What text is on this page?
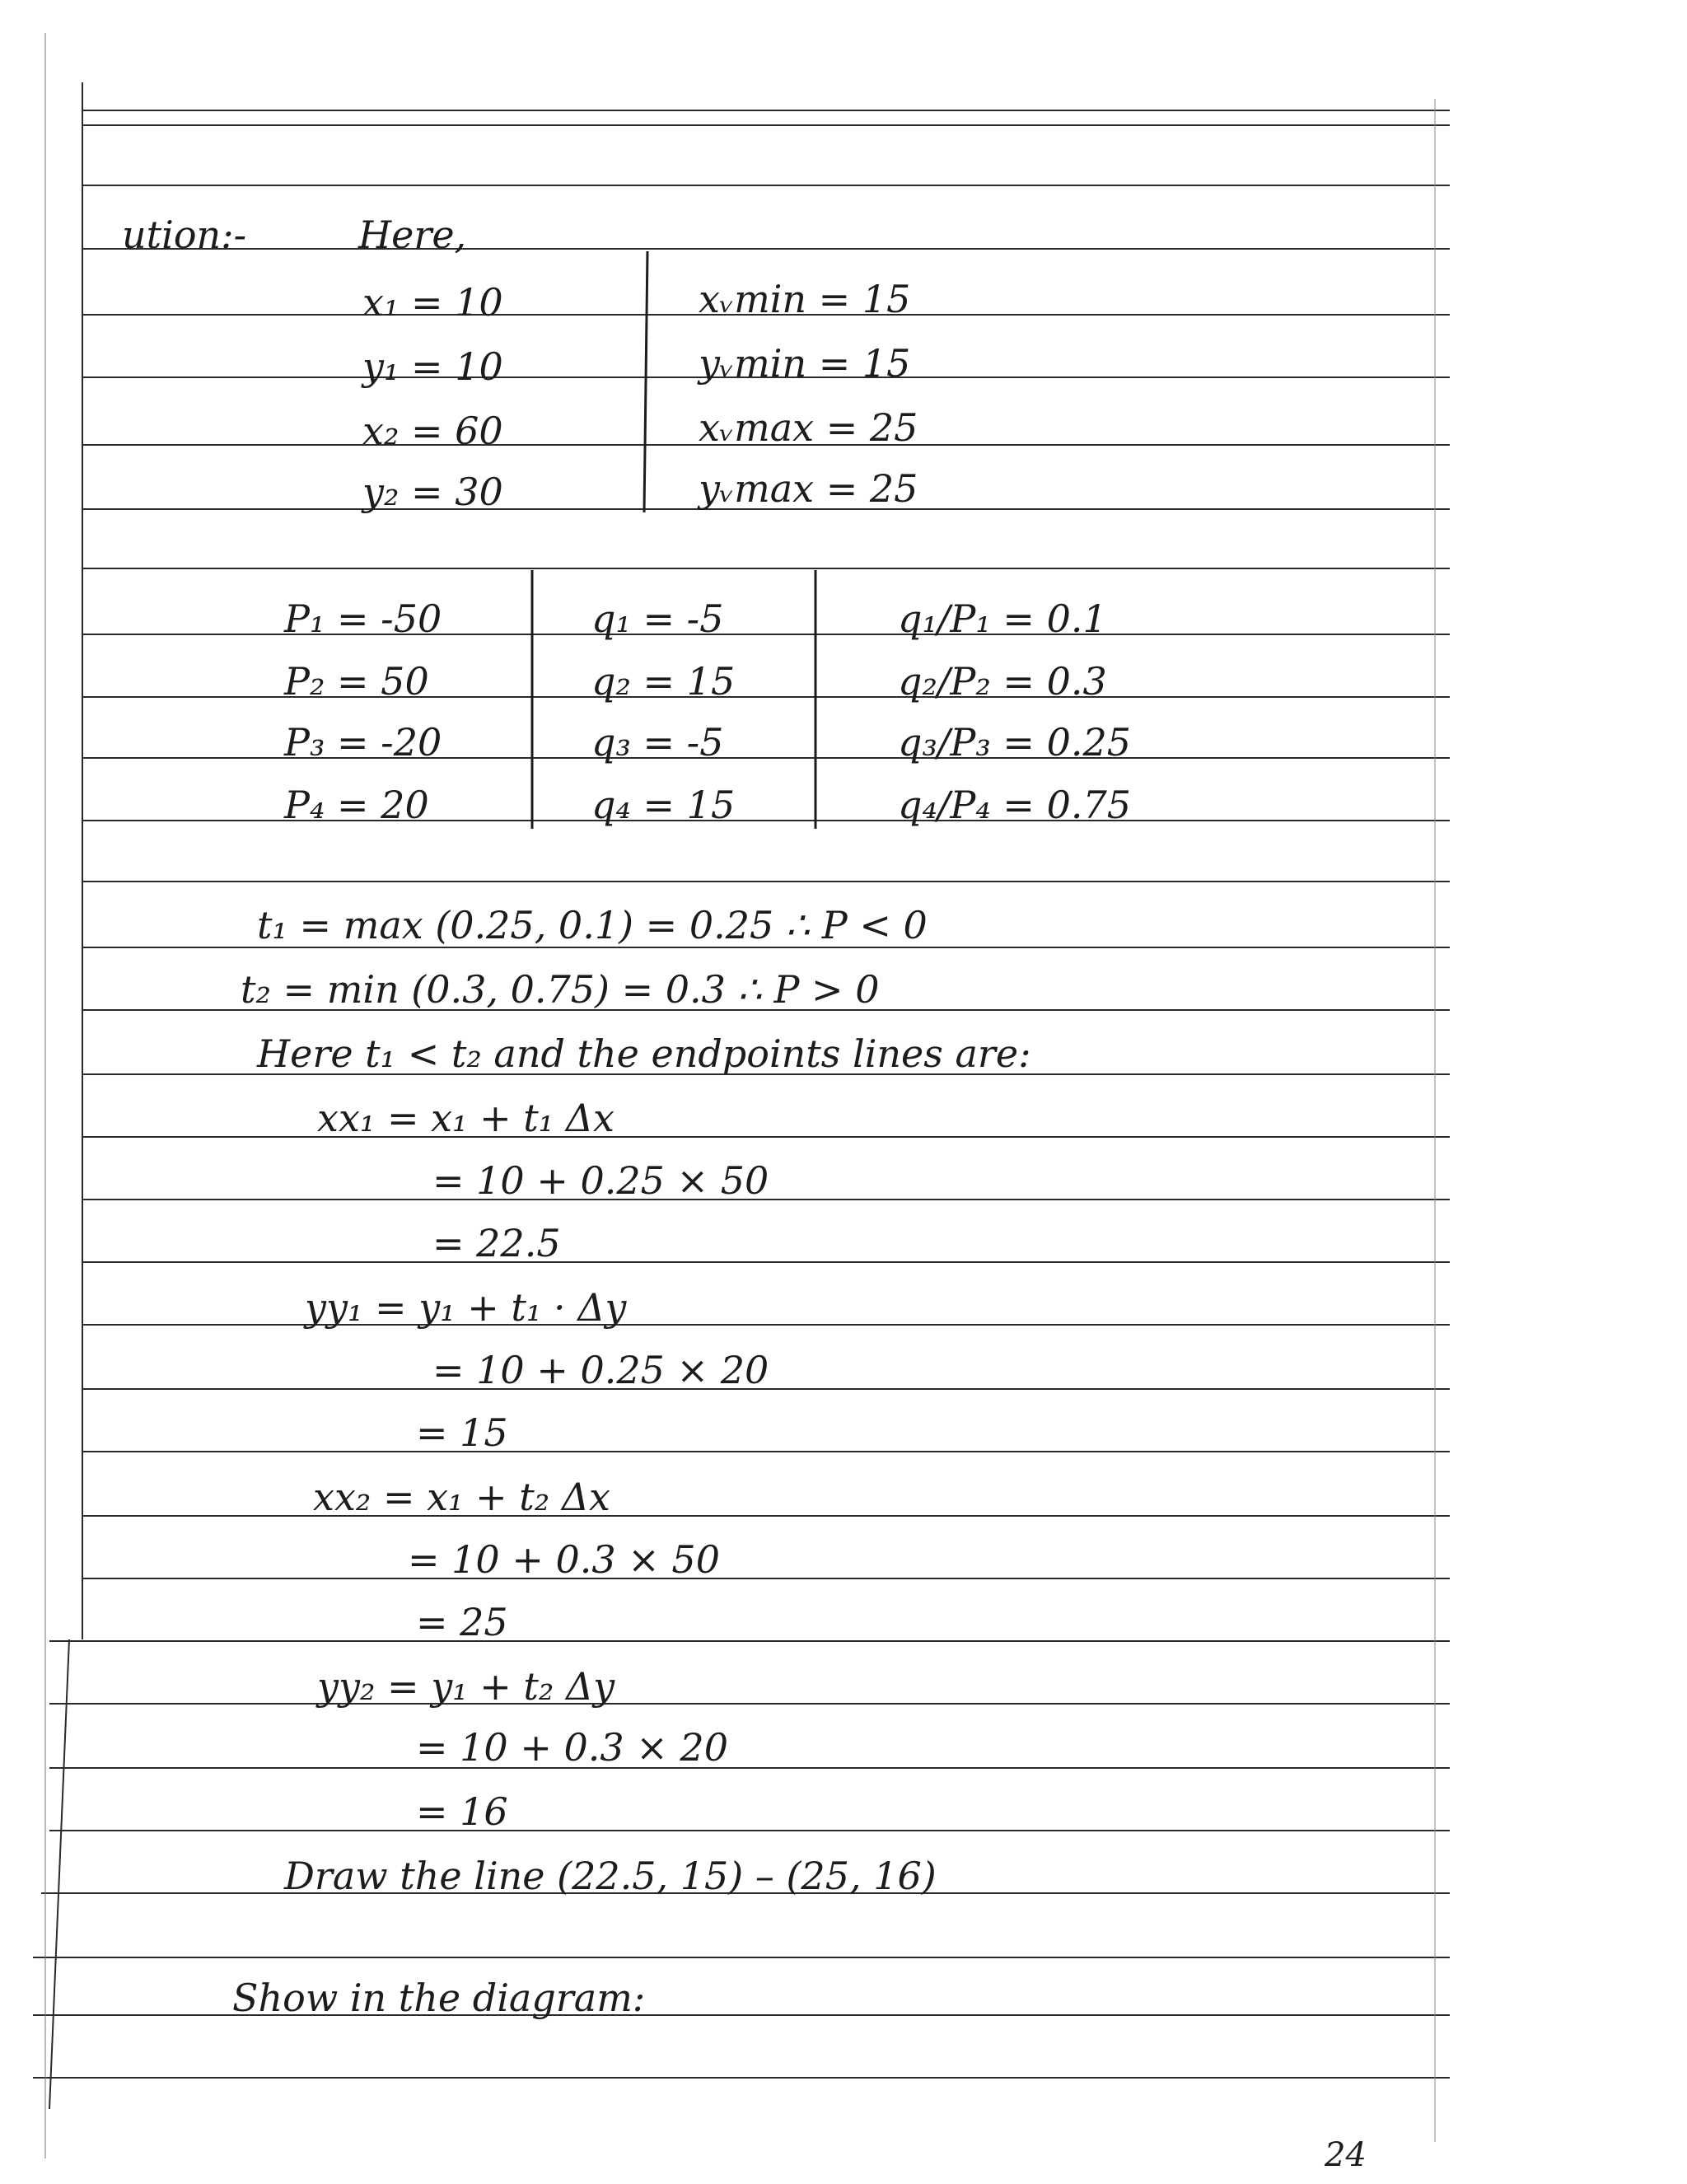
ution:-	Here,
x₁ = 10
y₁ = 10
x₂ = 60
y₂ = 30
xᵥmin = 15
yᵥmin = 15
xᵥmax = 25
yᵥmax = 25
P₁ = -50
P₂ = 50
P₃ = -20
P₄ = 20
q₁ = -5
q₂ = 15
q₃ = -5
q₄ = 15
q₁/P₁ = 0.1
q₂/P₂ = 0.3
q₃/P₃ = 0.25
q₄/P₄ = 0.75
t₁ = max (0.25, 0.1) = 0.25 ∴ P < 0
t₂ = min (0.3, 0.75) = 0.3 ∴ P > 0
Here t₁ < t₂ and the endpoints lines are:
xx₁ = x₁ + t₁ Δx
= 10 + 0.25 × 50
= 22.5
yy₁ = y₁ + t₁ · Δy
= 10 + 0.25 × 20
= 15
xx₂ = x₁ + t₂ Δx
= 10 + 0.3 × 50
= 25
yy₂ = y₁ + t₂ Δy
= 10 + 0.3 × 20
= 16
Draw the line (22.5, 15) – (25, 16)
Show in the diagram:
24
